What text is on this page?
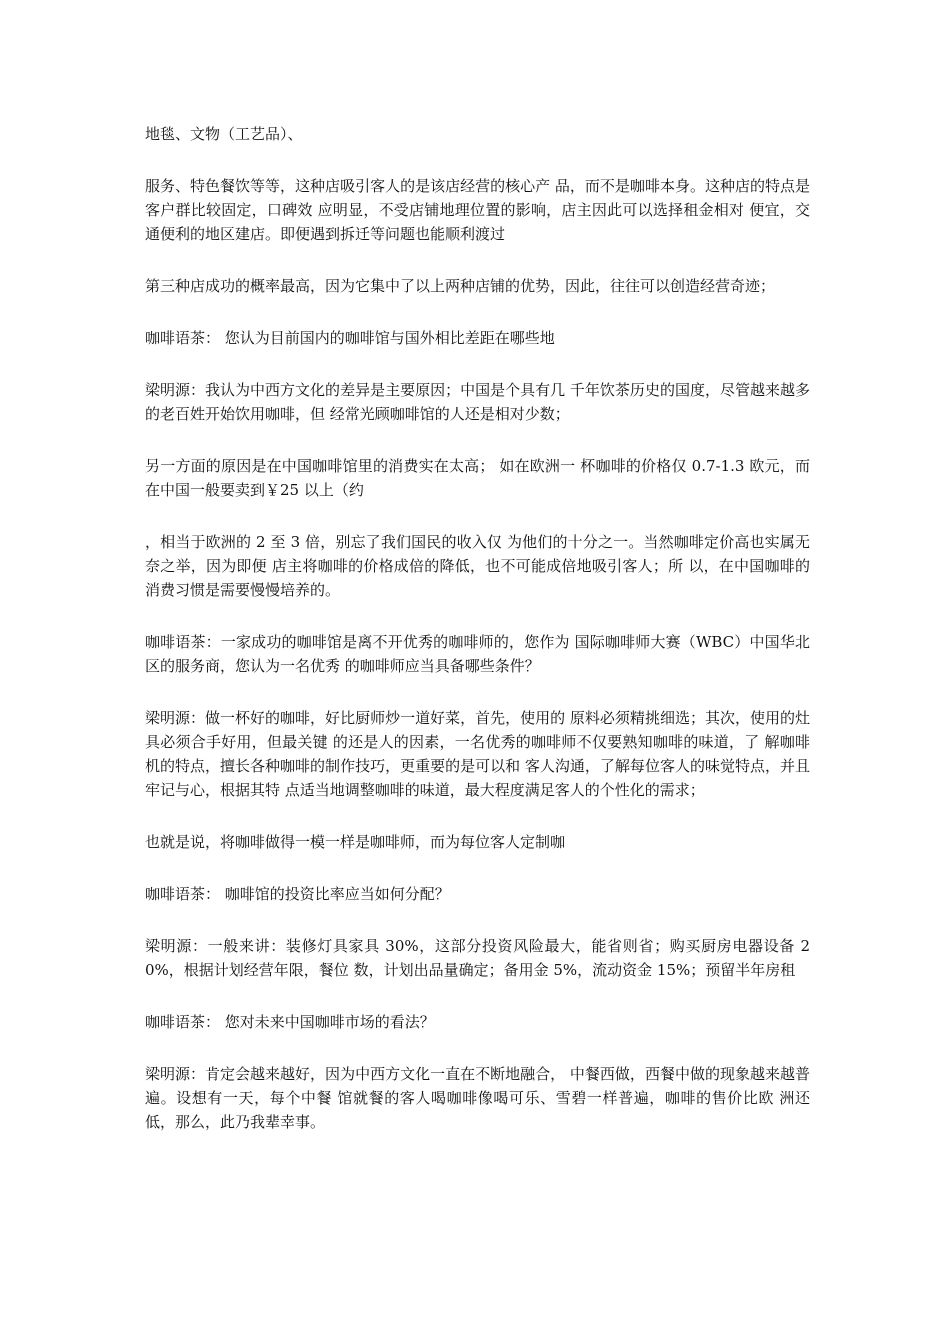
地毯、文物（工艺品）、

服务、特色餐饮等等，这种店吸引客人的是该店经营的核心产 品，而不是咖啡本身。这种店的特点是客户群比较固定，口碑效 应明显，不受店铺地理位置的影响，店主因此可以选择租金相对 便宜，交通便利的地区建店。即便遇到拆迁等问题也能顺利渡过

第三种店成功的概率最高，因为它集中了以上两种店铺的优势，因此，往往可以创造经营奇迹；

咖啡语茶： 您认为目前国内的咖啡馆与国外相比差距在哪些地

梁明源：我认为中西方文化的差异是主要原因；中国是个具有几 千年饮茶历史的国度，尽管越来越多的老百姓开始饮用咖啡，但 经常光顾咖啡馆的人还是相对少数；

另一方面的原因是在中国咖啡馆里的消费实在太高； 如在欧洲一 杯咖啡的价格仅 0.7-1.3 欧元，而在中国一般要卖到￥25 以上（约

，相当于欧洲的 2 至 3 倍，别忘了我们国民的收入仅 为他们的十分之一。当然咖啡定价高也实属无奈之举，因为即便 店主将咖啡的价格成倍的降低，也不可能成倍地吸引客人；所 以，在中国咖啡的消费习惯是需要慢慢培养的。

咖啡语茶：一家成功的咖啡馆是离不开优秀的咖啡师的，您作为 国际咖啡师大赛（WBC）中国华北区的服务商，您认为一名优秀 的咖啡师应当具备哪些条件？

梁明源：做一杯好的咖啡，好比厨师炒一道好菜，首先，使用的 原料必须精挑细选；其次，使用的灶具必须合手好用，但最关键 的还是人的因素，一名优秀的咖啡师不仅要熟知咖啡的味道，了 解咖啡机的特点，擅长各种咖啡的制作技巧，更重要的是可以和 客人沟通，了解每位客人的味觉特点，并且牢记与心，根据其特 点适当地调整咖啡的味道，最大程度满足客人的个性化的需求；

也就是说，将咖啡做得一模一样是咖啡师，而为每位客人定制咖

咖啡语茶： 咖啡馆的投资比率应当如何分配？

梁明源：一般来讲：装修灯具家具 30%，这部分投资风险最大，能省则省；购买厨房电器设备 20%，根据计划经营年限，餐位 数，计划出品量确定；备用金 5%，流动资金 15%；预留半年房租

咖啡语茶： 您对未来中国咖啡市场的看法？

梁明源：肯定会越来越好，因为中西方文化一直在不断地融合， 中餐西做，西餐中做的现象越来越普遍。设想有一天，每个中餐 馆就餐的客人喝咖啡像喝可乐、雪碧一样普遍，咖啡的售价比欧 洲还低，那么，此乃我辈幸事。
